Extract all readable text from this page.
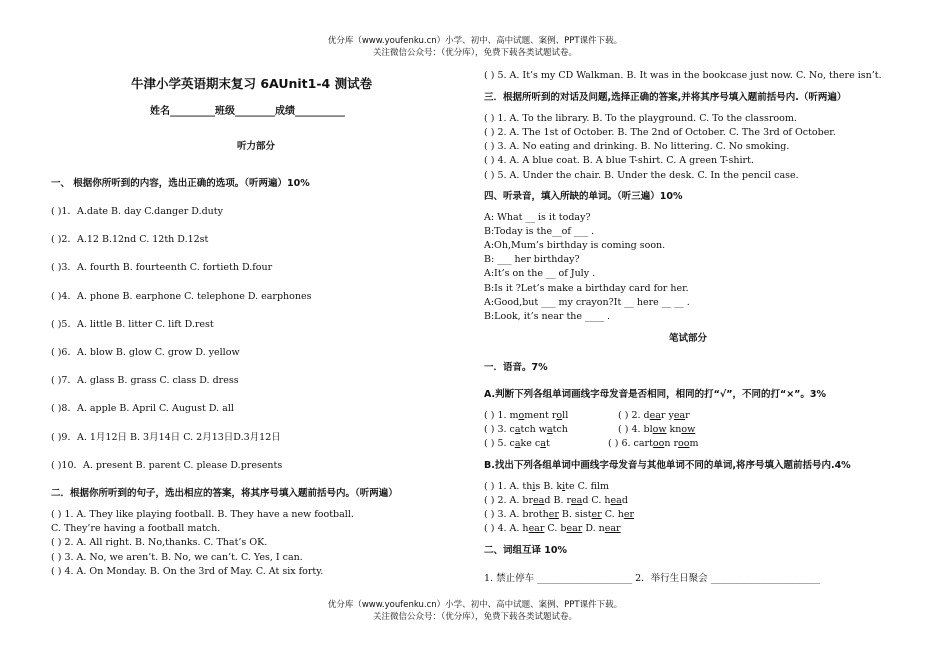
优分库（www.youfenku.cn）小学、初中、高中试题、案例、PPT课件下载。
关注微信公众号：（优分库），免费下载各类试题试卷。
牛津小学英语期末复习 6AUnit1-4 测试卷
姓名_________班级________成绩__________
听力部分
一、 根据你所听到的内容，选出正确的选项。（听两遍）10%
( )1．A.date B. day C.danger D.duty
( )2．A.12 B.12nd C. 12th D.12st
( )3．A. fourth B. fourteenth C. fortieth D.four
( )4．A. phone B. earphone C. telephone D. earphones
( )5．A. little B. litter C. lift D.rest
( )6．A. blow B. glow C. grow D. yellow
( )7．A. glass B. grass C. class D. dress
( )8．A. apple B. April C. August D. all
( )9．A. 1月12日 B. 3月14日 C. 2月13日D.3月12日
( )10．A. present B. parent C. please D.presents
二．根据你所听到的句子，选出相应的答案，将其序号填入题前括号内。（听两遍）
( ) 1. A. They like playing football. B. They have a new football.
C. They’re having a football match.
( ) 2. A. All right. B. No,thanks. C. That’s OK.
( ) 3. A. No, we aren’t. B. No, we can’t. C. Yes, I can.
( ) 4. A. On Monday. B. On the 3rd of May. C. At six forty.
( ) 5. A. It’s my CD Walkman. B. It was in the bookcase just now. C. No, there isn’t.
三．根据所听到的对话及问题,选择正确的答案,并将其序号填入题前括号内.（听两遍）
( ) 1. A. To the library. B. To the playground. C. To the classroom.
( ) 2. A. The 1st of October. B. The 2nd of October. C. The 3rd of October.
( ) 3. A. No eating and drinking. B. No littering. C. No smoking.
( ) 4. A. A blue coat. B. A blue T-shirt. C. A green T-shirt.
( ) 5. A. Under the chair. B. Under the desk. C. In the pencil case.
四、听录音，填入所缺的单词。（听三遍）10%
A: What __ is it today?
B:Today is the__of ___ .
A:Oh,Mum’s birthday is coming soon.
B: ___ her birthday?
A:It’s on the __ of July .
B:Is it ?Let’s make a birthday card for her.
A:Good,but ___ my crayon?It __ here __ __ .
B:Look, it’s near the ____ .
笔试部分
一．语音。7%
A.判断下列各组单词画线字母发音是否相同，相同的打“√”，不同的打“×”。3%
( ) 1. moment roll	( ) 2. dear year
( ) 3. catch watch	( ) 4. blow know
( ) 5. cake cat	( ) 6. cartoon room
B.找出下列各组单词中画线字母发音与其他单词不同的单词,将序号填入题前括号内.4%
( ) 1. A. this B. kite C. flm
( ) 2. A. bread B. read C. head
( ) 3. A. brother B. sister C. her
( ) 4. A. hear C. bear D. near
二、词组互译 10%
1. 禁止停车 ____________________ 2．举行生日聚会 _______________________
优分库（www.youfenku.cn）小学、初中、高中试题、案例、PPT课件下载。
关注微信公众号：（优分库），免费下载各类试题试卷。
